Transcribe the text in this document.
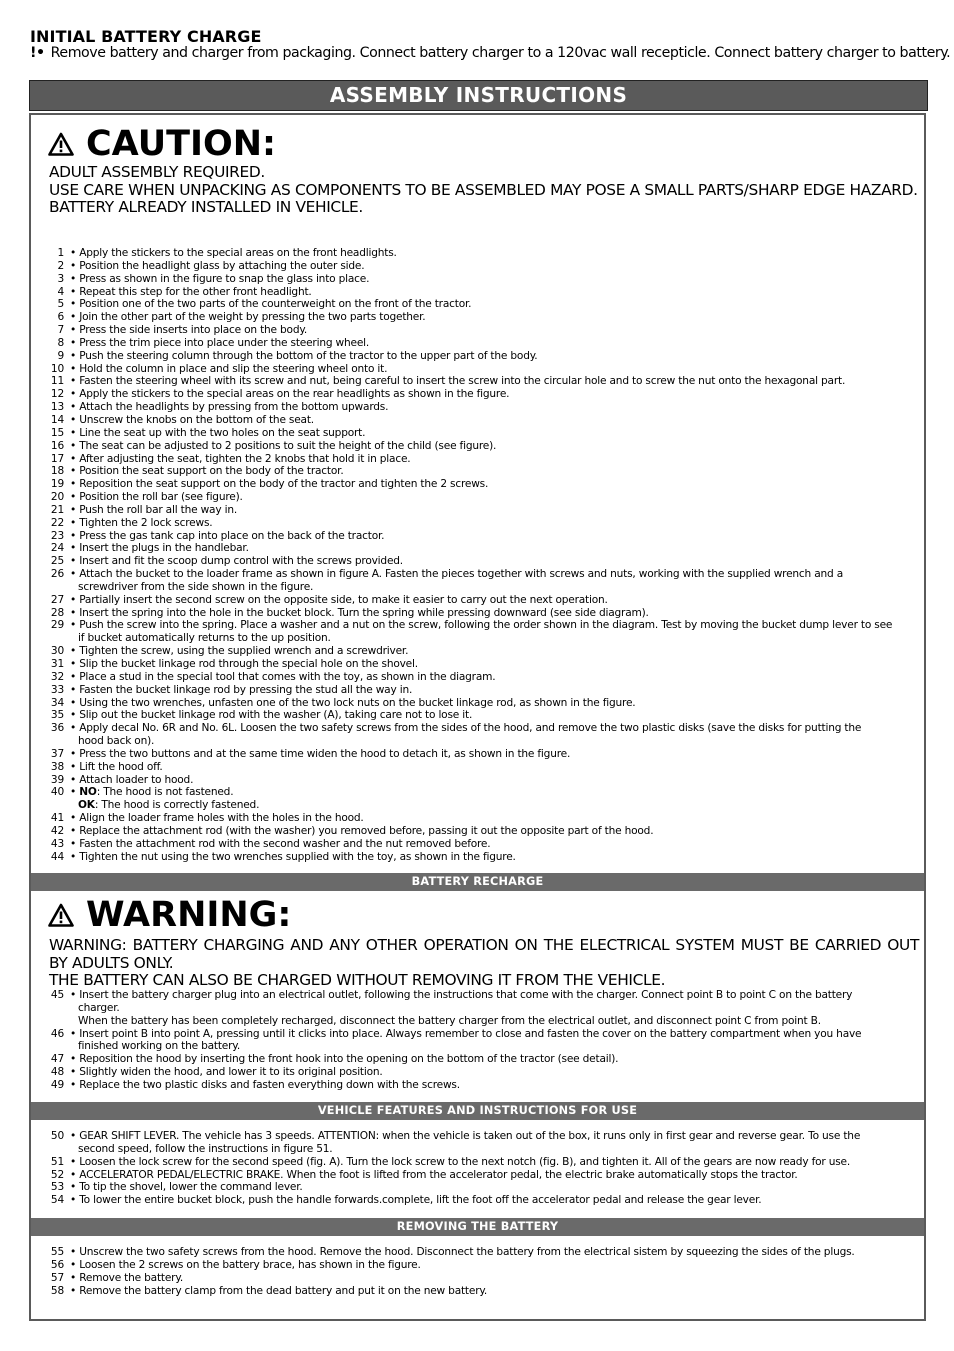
INITIAL BATTERY CHARGE
!• Remove battery and charger from packaging. Connect battery charger to a 120vac wall recepticle. Connect battery charger to battery.
ASSEMBLY INSTRUCTIONS
CAUTION:
ADULT ASSEMBLY REQUIRED.
USE CARE WHEN UNPACKING AS COMPONENTS TO BE ASSEMBLED MAY POSE A SMALL PARTS/SHARP EDGE HAZARD.
BATTERY ALREADY INSTALLED IN VEHICLE.
1 • Apply the stickers to the special areas on the front headlights.
2 • Position the headlight glass by attaching the outer side.
3 • Press as shown in the figure to snap the glass into place.
4 • Repeat this step for the other front headlight.
5 • Position one of the two parts of the counterweight on the front of the tractor.
6 • Join the other part of the weight by pressing the two parts together.
7 • Press the side inserts into place on the body.
8 • Press the trim piece into place under the steering wheel.
9 • Push the steering column through the bottom of the tractor to the upper part of the body.
10 • Hold the column in place and slip the steering wheel onto it.
11 • Fasten the steering wheel with its screw and nut, being careful to insert the screw into the circular hole and to screw the nut onto the hexagonal part.
12 • Apply the stickers to the special areas on the rear headlights as shown in the figure.
13 • Attach the headlights by pressing from the bottom upwards.
14 • Unscrew the knobs on the bottom of the seat.
15 • Line the seat up with the two holes on the seat support.
16 • The seat can be adjusted to 2 positions to suit the height of the child (see figure).
17 • After adjusting the seat, tighten the 2 knobs that hold it in place.
18 • Position the seat support on the body of the tractor.
19 • Reposition the seat support on the body of the tractor and tighten the 2 screws.
20 • Position the roll bar (see figure).
21 • Push the roll bar all the way in.
22 • Tighten the 2 lock screws.
23 • Press the gas tank cap into place on the back of the tractor.
24 • Insert the plugs in the handlebar.
25 • Insert and fit the scoop dump control with the screws provided.
26 • Attach the bucket to the loader frame as shown in figure A. Fasten the pieces together with screws and nuts, working with the supplied wrench and a
screwdriver from the side shown in the figure.
27 • Partially insert the second screw on the opposite side, to make it easier to carry out the next operation.
28 • Insert the spring into the hole in the bucket block. Turn the spring while pressing downward (see side diagram).
29 • Push the screw into the spring. Place a washer and a nut on the screw, following the order shown in the diagram. Test by moving the bucket dump lever to see
if bucket automatically returns to the up position.
30 • Tighten the screw, using the supplied wrench and a screwdriver.
31 • Slip the bucket linkage rod through the special hole on the shovel.
32 • Place a stud in the special tool that comes with the toy, as shown in the diagram.
33 • Fasten the bucket linkage rod by pressing the stud all the way in.
34 • Using the two wrenches, unfasten one of the two lock nuts on the bucket linkage rod, as shown in the figure.
35 • Slip out the bucket linkage rod with the washer (A), taking care not to lose it.
36 • Apply decal No. 6R and No. 6L. Loosen the two safety screws from the sides of the hood, and remove the two plastic disks (save the disks for putting the
hood back on).
37 • Press the two buttons and at the same time widen the hood to detach it, as shown in the figure.
38 • Lift the hood off.
39 • Attach loader to hood.
40 • NO: The hood is not fastened.
OK: The hood is correctly fastened.
41 • Align the loader frame holes with the holes in the hood.
42 • Replace the attachment rod (with the washer) you removed before, passing it out the opposite part of the hood.
43 • Fasten the attachment rod with the second washer and the nut removed before.
44 • Tighten the nut using the two wrenches supplied with the toy, as shown in the figure.
BATTERY RECHARGE
WARNING:
WARNING: BATTERY CHARGING AND ANY OTHER OPERATION ON THE ELECTRICAL SYSTEM MUST BE CARRIED OUT BY ADULTS ONLY.
THE BATTERY CAN ALSO BE CHARGED WITHOUT REMOVING IT FROM THE VEHICLE.
45 • Insert the battery charger plug into an electrical outlet, following the instructions that come with the charger. Connect point B to point C on the battery
charger.
When the battery has been completely recharged, disconnect the battery charger from the electrical outlet, and disconnect point C from point B.
46 • Insert point B into point A, pressing until it clicks into place. Always remember to close and fasten the cover on the battery compartment when you have
finished working on the battery.
47 • Reposition the hood by inserting the front hook into the opening on the bottom of the tractor (see detail).
48 • Slightly widen the hood, and lower it to its original position.
49 • Replace the two plastic disks and fasten everything down with the screws.
VEHICLE FEATURES AND INSTRUCTIONS FOR USE
50 • GEAR SHIFT LEVER. The vehicle has 3 speeds. ATTENTION: when the vehicle is taken out of the box, it runs only in first gear and reverse gear. To use the
second speed, follow the instructions in figure 51.
51 • Loosen the lock screw for the second speed (fig. A). Turn the lock screw to the next notch (fig. B), and tighten it. All of the gears are now ready for use.
52 • ACCELERATOR PEDAL/ELECTRIC BRAKE. When the foot is lifted from the accelerator pedal, the electric brake automatically stops the tractor.
53 • To tip the shovel, lower the command lever.
54 • To lower the entire bucket block, push the handle forwards.complete, lift the foot off the accelerator pedal and release the gear lever.
REMOVING THE BATTERY
55 • Unscrew the two safety screws from the hood. Remove the hood. Disconnect the battery from the electrical sistem by squeezing the sides of the plugs.
56 • Loosen the 2 screws on the battery brace, has shown in the figure.
57 • Remove the battery.
58 • Remove the battery clamp from the dead battery and put it on the new battery.
